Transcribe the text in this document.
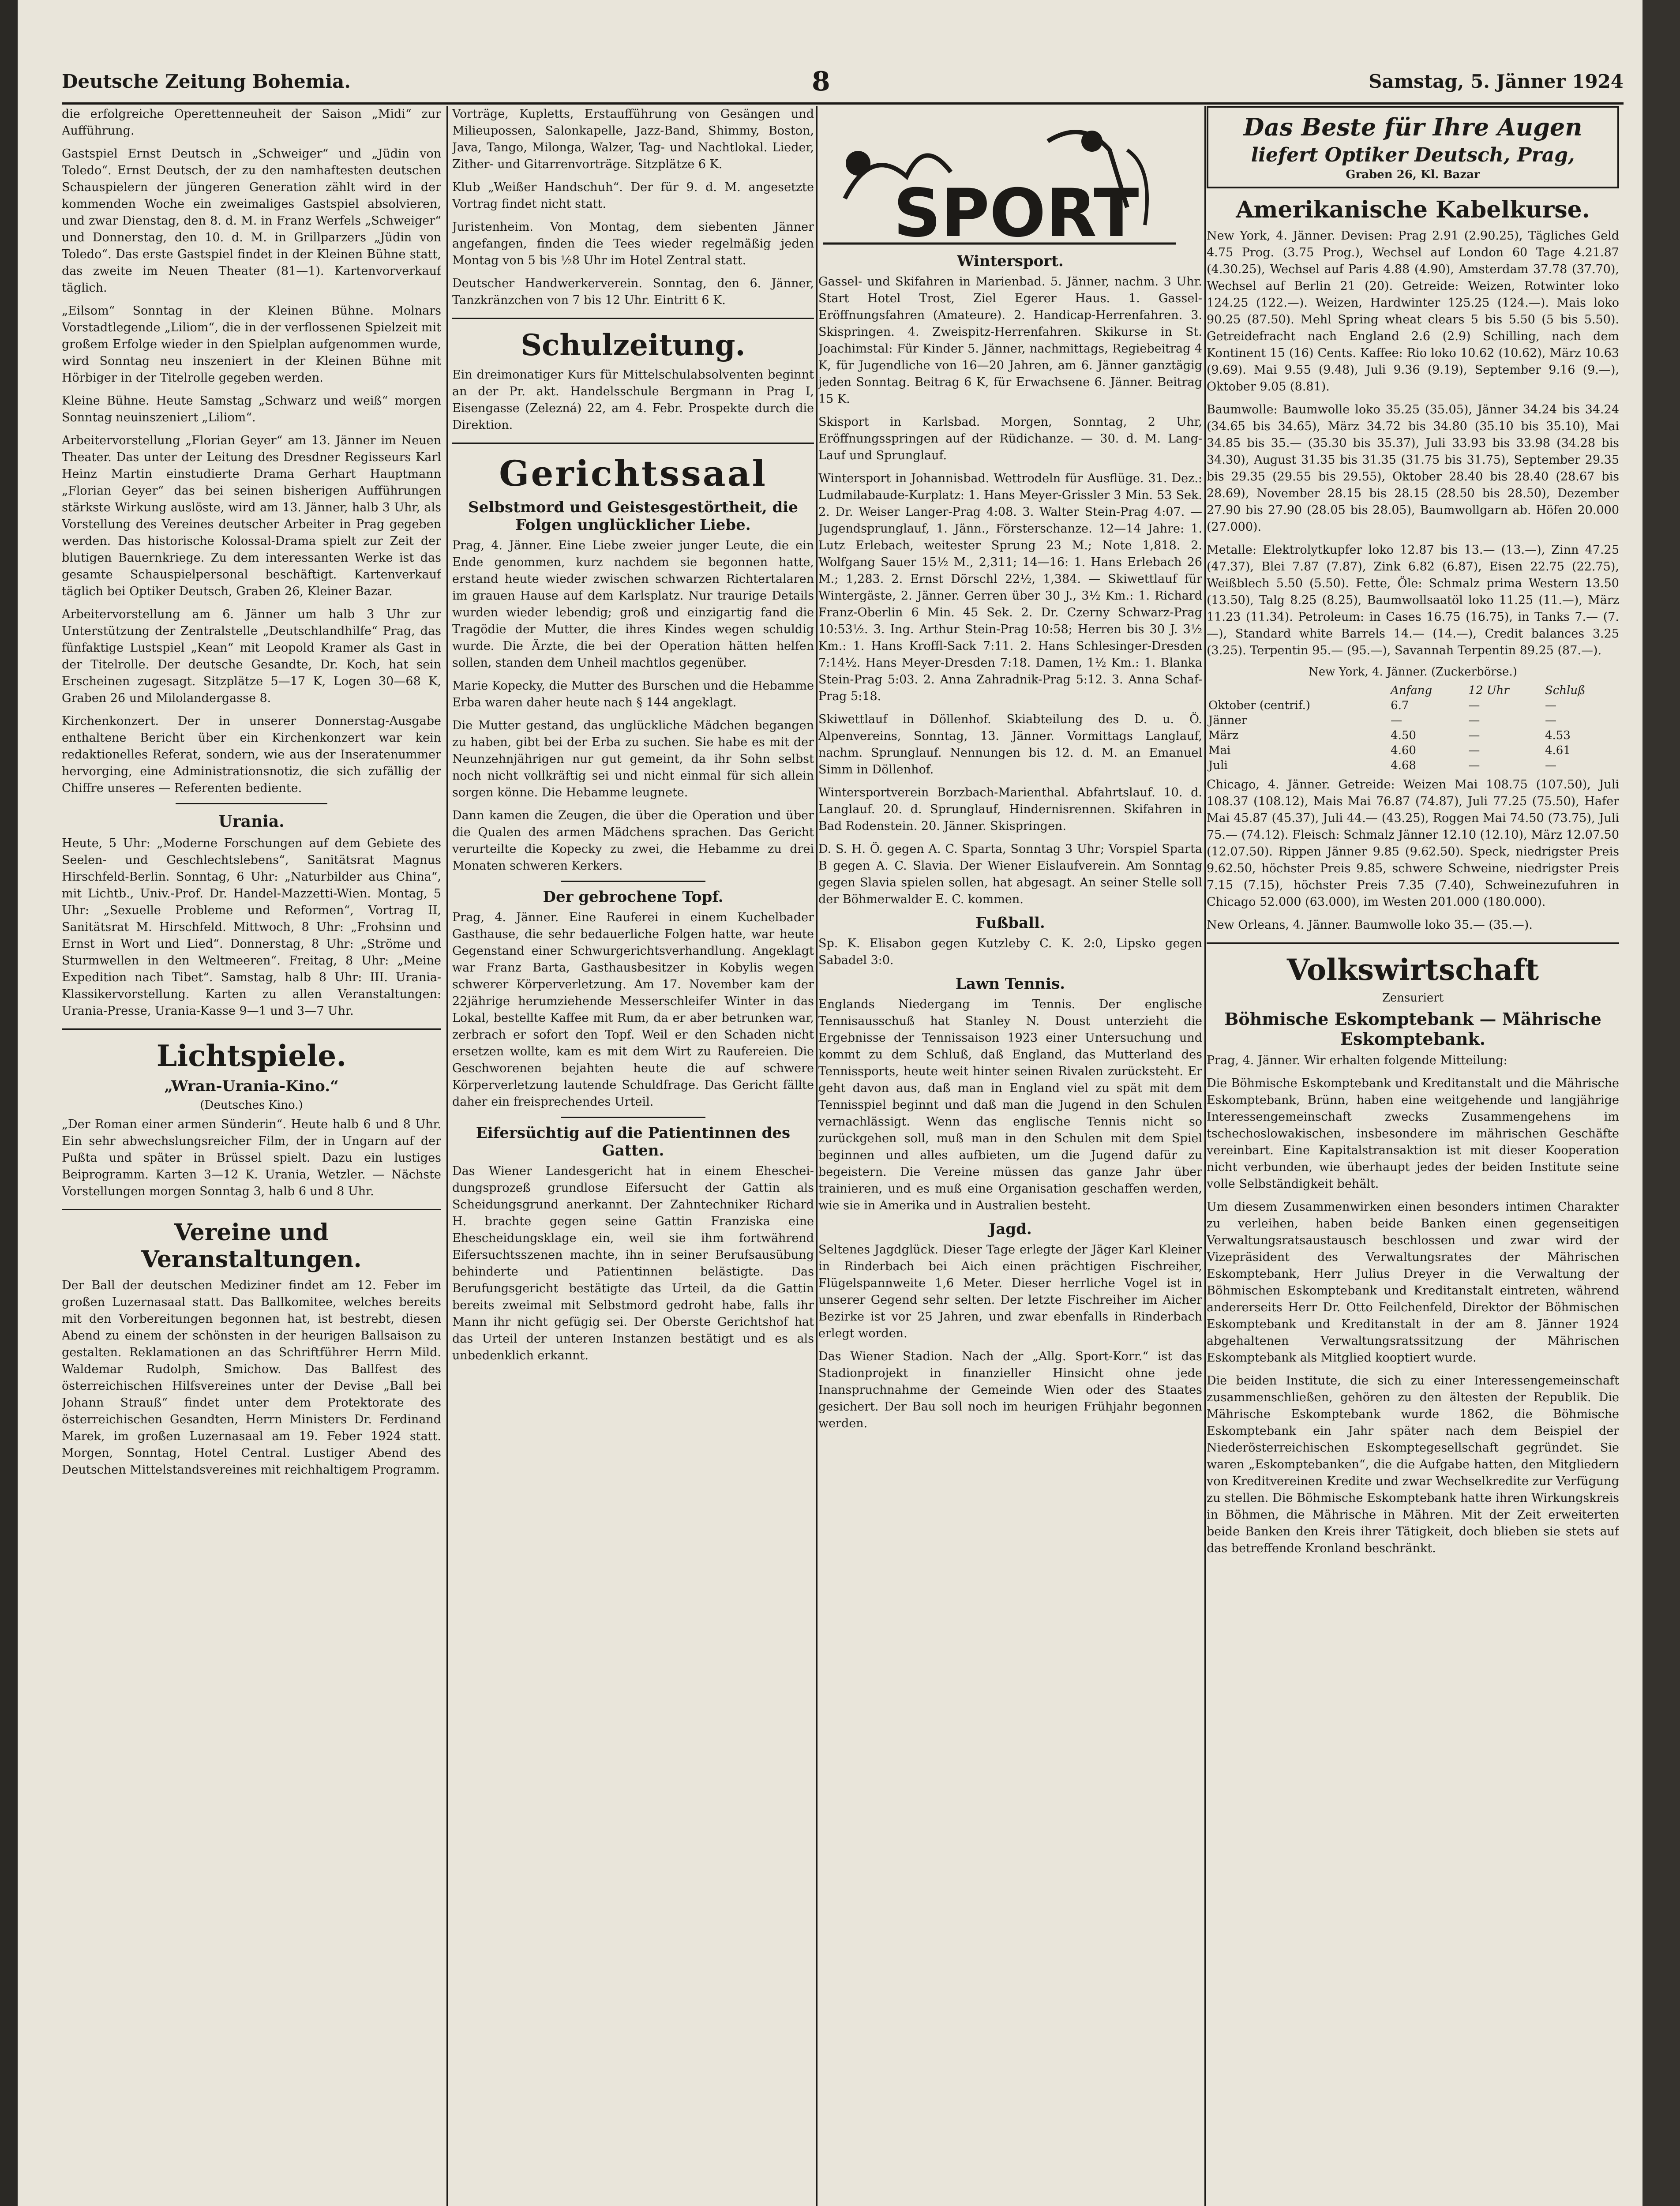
Deutsche Zeitung Bohemia.	8	Samstag, 5. Jänner 1924

die erfolgreiche Operettenneuheit der Saison „Midi“ zur Aufführung.

Gastspiel Ernst Deutsch in „Schweiger“ und „Jüdin von Toledo“. Ernst Deutsch, der zu den namhaftesten deutschen Schauspielern der jüngeren Generation zählt wird in der kommenden Woche ein zweimaliges Gastspiel absolvieren, und zwar Dienstag, den 8. d. M. in Franz Werfels „Schweiger“ und Donnerstag, den 10. d. M. in Grillparzers „Jüdin von Toledo“. Das erste Gastspiel findet in der Kleinen Bühne statt, das zweite im Neuen Theater (81—1). Kartenvorverkauf täglich.

„Eilsom“ Sonntag in der Kleinen Bühne. Molnars Vorstadtlegende „Liliom“, die in der verflossenen Spielzeit mit großem Erfolge wieder in den Spielplan aufgenommen wurde, wird Sonntag neu inszeniert in der Kleinen Bühne mit Hörbiger in der Titelrolle gegeben werden.

Kleine Bühne. Heute Samstag „Schwarz und weiß“ morgen Sonntag neuinszeniert „Liliom“.

Arbeitervorstellung „Florian Geyer“ am 13. Jänner im Neuen Theater. Das unter der Leitung des Dresdner Regisseurs Karl Heinz Martin einstudierte Drama Gerhart Hauptmann „Florian Geyer“ das bei seinen bisherigen Aufführungen stärkste Wirkung auslöste, wird am 13. Jänner, halb 3 Uhr, als Vorstellung des Vereines deutscher Arbeiter in Prag gegeben werden. Das historische Kolossal-Drama spielt zur Zeit der blutigen Bauernkriege. Zu dem interessanten Werke ist das gesamte Schauspielpersonal beschäftigt. Kartenverkauf täglich bei Optiker Deutsch, Graben 26, Kleiner Bazar.

Arbeitervorstellung am 6. Jänner um halb 3 Uhr zur Unterstützung der Zentralstelle „Deutschlandhilfe“ Prag, das fünfaktige Lustspiel „Kean“ mit Leopold Kramer als Gast in der Titelrolle. Der deutsche Gesandte, Dr. Koch, hat sein Erscheinen zugesagt. Sitzplätze 5—17 K, Logen 30—68 K, Graben 26 und Milolandergasse 8.

Kirchenkonzert. Der in unserer Donnerstag-Ausgabe enthaltene Bericht über ein Kirchenkonzert war kein redaktionelles Referat, sondern, wie aus der Inseratenummer hervorging, eine Administrationsnotiz, die sich zufällig der Chiffre unseres — Referenten bediente.

Urania.

Heute, 5 Uhr: „Moderne Forschungen auf dem Gebiete des Seelen- und Geschlechtslebens“, Sanitätsrat Magnus Hirschfeld-Berlin. Sonntag, 6 Uhr: „Naturbilder aus China“, mit Lichtb., Univ.-Prof. Dr. Handel-Mazzetti-Wien. Montag, 5 Uhr: „Sexuelle Probleme und Reformen“, Vortrag II, Sanitätsrat M. Hirschfeld. Mittwoch, 8 Uhr: „Frohsinn und Ernst in Wort und Lied“. Donnerstag, 8 Uhr: „Ströme und Sturmwellen in den Weltmeeren“. Freitag, 8 Uhr: „Meine Expedition nach Tibet“. Samstag, halb 8 Uhr: III. Urania-Klassikervorstellung. Karten zu allen Veranstaltungen: Urania-Presse, Urania-Kasse 9—1 und 3—7 Uhr.

Lichtspiele.
„Wran-Urania-Kino.“
(Deutsches Kino.)

„Der Roman einer armen Sünderin“. Heute halb 6 und 8 Uhr. Ein sehr abwechslungsreicher Film, der in Ungarn auf der Pußta und später in Brüssel spielt. Dazu ein lustiges Beiprogramm. Karten 3—12 K. Urania, Wetzler. — Nächste Vorstellungen morgen Sonntag 3, halb 6 und 8 Uhr.

Vereine und Veranstaltungen.

Der Ball der deutschen Mediziner findet am 12. Feber im großen Luzernasaal statt. Das Ballkomitee, welches bereits mit den Vorbereitungen begonnen hat, ist bestrebt, diesen Abend zu einem der schönsten in der heurigen Ballsaison zu gestalten. Reklamationen an das Schriftführer Herrn Mild. Waldemar Rudolph, Smichow. Das Ballfest des österreichischen Hilfsvereines unter der Devise „Ball bei Johann Strauß“ findet unter dem Protektorate des österreichischen Gesandten, Herrn Ministers Dr. Ferdinand Marek, im großen Luzernasaal am 19. Feber 1924 statt. Morgen, Sonntag, Hotel Central. Lustiger Abend des Deutschen Mittelstandsvereines mit reichhaltigem Programm.

Vorträge, Kupletts, Erstaufführung von Gesängen und Milieupossen, Salonkapelle, Jazz-Band, Shimmy, Boston, Java, Tango, Milonga, Walzer, Tag- und Nachtlokal. Lieder, Zither- und Gitarrenvorträge. Sitzplätze 6 K.

Klub „Weißer Handschuh“. Der für 9. d. M. angesetzte Vortrag findet nicht statt.

Juristenheim. Von Montag, dem siebenten Jänner angefangen, finden die Tees wieder regelmäßig jeden Montag von 5 bis ½8 Uhr im Hotel Zentral statt.

Deutscher Handwerkerverein. Sonntag, den 6. Jänner, Tanzkränzchen von 7 bis 12 Uhr. Eintritt 6 K.

Schulzeitung.

Ein dreimonatiger Kurs für Mittelschulabsolventen beginnt an der Pr. akt. Handelsschule Bergmann in Prag I, Eisengasse (Zelezná) 22, am 4. Febr. Prospekte durch die Direktion.

Gerichtssaal
Selbstmord und Geistesgestörtheit, die Folgen unglücklicher Liebe.

Prag, 4. Jänner. Eine Liebe zweier junger Leute, die ein Ende genommen, kurz nachdem sie begonnen hatte, erstand heute wieder zwischen schwarzen Richtertalaren im grauen Hause auf dem Karlsplatz. Nur traurige Details wurden wieder lebendig; groß und einzigartig fand die Tragödie der Mutter, die ihres Kindes wegen schuldig wurde. Die Ärzte, die bei der Operation hätten helfen sollen, standen dem Unheil machtlos gegenüber.

Marie Kopecky, die Mutter des Burschen und die Hebamme Erba waren daher heute nach § 144 angeklagt.

Die Mutter gestand, das unglückliche Mädchen begangen zu haben, gibt bei der Erba zu suchen. Sie habe es mit der Neunzehnjährigen nur gut gemeint, da ihr Sohn selbst noch nicht vollkräftig sei und nicht einmal für sich allein sorgen könne. Die Hebamme leugnete.

Dann kamen die Zeugen, die über die Operation und über die Qualen des armen Mädchens sprachen. Das Gericht verurteilte die Kopecky zu zwei, die Hebamme zu drei Monaten schweren Kerkers.

Der gebrochene Topf.

Prag, 4. Jänner. Eine Rauferei in einem Kuchelbader Gasthause, die sehr bedauerliche Folgen hatte, war heute Gegenstand einer Schwurgerichtsverhandlung. Angeklagt war Franz Barta, Gasthausbesitzer in Kobylis wegen schwerer Körperverletzung. Am 17. November kam der 22jährige herumziehende Messerschleifer Winter in das Lokal, bestellte Kaffee mit Rum, da er aber betrunken war, zerbrach er sofort den Topf. Weil er den Schaden nicht ersetzen wollte, kam es mit dem Wirt zu Raufereien. Die Geschworenen bejahten heute die auf schwere Körperverletzung lautende Schuldfrage. Das Gericht fällte daher ein freisprechendes Urteil.

Eifersüchtig auf die Patientinnen des Gatten.

Das Wiener Landesgericht hat in einem Eheschei-dungsprozeß grundlose Eifersucht der Gattin als Scheidungsgrund anerkannt. Der Zahntechniker Richard H. brachte gegen seine Gattin Franziska eine Ehescheidungsklage ein, weil sie ihm fortwährend Eifersuchtsszenen machte, ihn in seiner Berufsausübung behinderte und Patientinnen belästigte. Das Berufungsgericht bestätigte das Urteil, da die Gattin bereits zweimal mit Selbstmord gedroht habe, falls ihr Mann ihr nicht gefügig sei. Der Oberste Gerichtshof hat das Urteil der unteren Instanzen bestätigt und es als unbedenklich erkannt.

SPORT
Wintersport.

Gassel- und Skifahren in Marienbad. 5. Jänner, nachm. 3 Uhr. Start Hotel Trost, Ziel Egerer Haus. 1. Gassel-Eröffnungsfahren (Amateure). 2. Handicap-Herrenfahren. 3. Skispringen. 4. Zweispitz-Herrenfahren. Skikurse in St. Joachimstal: Für Kinder 5. Jänner, nachmittags, Regiebeitrag 4 K, für Jugendliche von 16—20 Jahren, am 6. Jänner ganztägig jeden Sonntag. Beitrag 6 K, für Erwachsene 6. Jänner. Beitrag 15 K.

Skisport in Karlsbad. Morgen, Sonntag, 2 Uhr, Eröffnungsspringen auf der Rüdichanze. — 30. d. M. Lang-Lauf und Sprunglauf.

Wintersport in Johannisbad. Wettrodeln für Ausflüge. 31. Dez.: Ludmilabaude-Kurplatz: 1. Hans Meyer-Grissler 3 Min. 53 Sek. 2. Dr. Weiser Langer-Prag 4:08. 3. Walter Stein-Prag 4:07. — Jugendsprunglauf, 1. Jänn., Försterschanze. 12—14 Jahre: 1. Lutz Erlebach, weitester Sprung 23 M.; Note 1,818. 2. Wolfgang Sauer 15½ M., 2,311; 14—16: 1. Hans Erlebach 26 M.; 1,283. 2. Ernst Dörschl 22½, 1,384. — Skiwettlauf für Wintergäste, 2. Jänner. Gerren über 30 J., 3½ Km.: 1. Richard Franz-Oberlin 6 Min. 45 Sek. 2. Dr. Czerny Schwarz-Prag 10:53½. 3. Ing. Arthur Stein-Prag 10:58; Herren bis 30 J. 3½ Km.: 1. Hans Kroffl-Sack 7:11. 2. Hans Schlesinger-Dresden 7:14½. Hans Meyer-Dresden 7:18. Damen, 1½ Km.: 1. Blanka Stein-Prag 5:03. 2. Anna Zahradnik-Prag 5:12. 3. Anna Schaf-Prag 5:18.

Skiwettlauf in Döllenhof. Skiabteilung des D. u. Ö. Alpenvereins, Sonntag, 13. Jänner. Vormittags Langlauf, nachm. Sprunglauf. Nennungen bis 12. d. M. an Emanuel Simm in Döllenhof.

Wintersportverein Borzbach-Marienthal. Abfahrtslauf. 10. d. Langlauf. 20. d. Sprunglauf, Hindernisrennen. Skifahren in Bad Rodenstein. 20. Jänner. Skispringen.

D. S. H. Ö. gegen A. C. Sparta, Sonntag 3 Uhr; Vorspiel Sparta B gegen A. C. Slavia. Der Wiener Eislaufverein. Am Sonntag gegen Slavia spielen sollen, hat abgesagt. An seiner Stelle soll der Böhmerwalder E. C. kommen.

Fußball.

Sp. K. Elisabon gegen Kutzleby C. K. 2:0, Lipsko gegen Sabadel 3:0.

Lawn Tennis.

Englands Niedergang im Tennis. Der englische Tennisausschuß hat Stanley N. Doust unterzieht die Ergebnisse der Tennissaison 1923 einer Untersuchung und kommt zu dem Schluß, daß England, das Mutterland des Tennissports, heute weit hinter seinen Rivalen zurücksteht. Er geht davon aus, daß man in England viel zu spät mit dem Tennisspiel beginnt und daß man die Jugend in den Schulen vernachlässigt. Wenn das englische Tennis nicht so zurückgehen soll, muß man in den Schulen mit dem Spiel beginnen und alles aufbieten, um die Jugend dafür zu begeistern. Die Vereine müssen das ganze Jahr über trainieren, und es muß eine Organisation geschaffen werden, wie sie in Amerika und in Australien besteht.

Jagd.

Seltenes Jagdglück. Dieser Tage erlegte der Jäger Karl Kleiner in Rinderbach bei Aich einen prächtigen Fischreiher, Flügelspannweite 1,6 Meter. Dieser herrliche Vogel ist in unserer Gegend sehr selten. Der letzte Fischreiher im Aicher Bezirke ist vor 25 Jahren, und zwar ebenfalls in Rinderbach erlegt worden.

Das Wiener Stadion. Nach der „Allg. Sport-Korr.“ ist das Stadionprojekt in finanzieller Hinsicht ohne jede Inanspruchnahme der Gemeinde Wien oder des Staates gesichert. Der Bau soll noch im heurigen Frühjahr begonnen werden.

Das Beste für Ihre Augen
liefert Optiker Deutsch, Prag,
Graben 26, Kl. Bazar
Amerikanische Kabelkurse.

New York, 4. Jänner. Devisen: Prag 2.91 (2.90.25), Tägliches Geld 4.75 Prog. (3.75 Prog.), Wechsel auf London 60 Tage 4.21.87 (4.30.25), Wechsel auf Paris 4.88 (4.90), Amsterdam 37.78 (37.70), Wechsel auf Berlin 21 (20). Getreide: Weizen, Rotwinter loko 124.25 (122.—). Weizen, Hardwinter 125.25 (124.—). Mais loko 90.25 (87.50). Mehl Spring wheat clears 5 bis 5.50 (5 bis 5.50). Getreidefracht nach England 2.6 (2.9) Schilling, nach dem Kontinent 15 (16) Cents. Kaffee: Rio loko 10.62 (10.62), März 10.63 (9.69). Mai 9.55 (9.48), Juli 9.36 (9.19), September 9.16 (9.—), Oktober 9.05 (8.81).

Baumwolle: Baumwolle loko 35.25 (35.05), Jänner 34.24 bis 34.24 (34.65 bis 34.65), März 34.72 bis 34.80 (35.10 bis 35.10), Mai 34.85 bis 35.— (35.30 bis 35.37), Juli 33.93 bis 33.98 (34.28 bis 34.30), August 31.35 bis 31.35 (31.75 bis 31.75), September 29.35 bis 29.35 (29.55 bis 29.55), Oktober 28.40 bis 28.40 (28.67 bis 28.69), November 28.15 bis 28.15 (28.50 bis 28.50), Dezember 27.90 bis 27.90 (28.05 bis 28.05), Baumwollgarn ab. Höfen 20.000 (27.000).

Metalle: Elektrolytkupfer loko 12.87 bis 13.— (13.—), Zinn 47.25 (47.37), Blei 7.87 (7.87), Zink 6.82 (6.87), Eisen 22.75 (22.75), Weißblech 5.50 (5.50). Fette, Öle: Schmalz prima Western 13.50 (13.50), Talg 8.25 (8.25), Baumwollsaatöl loko 11.25 (11.—), März 11.23 (11.34). Petroleum: in Cases 16.75 (16.75), in Tanks 7.— (7.—), Standard white Barrels 14.— (14.—), Credit balances 3.25 (3.25). Terpentin 95.— (95.—), Savannah Terpentin 89.25 (87.—).

New York, 4. Jänner. (Zuckerbörse.)
	Anfang	12 Uhr	Schluß
Oktober (centrif.)	6.7	—	—
Jänner	—	—	—
März	4.50	—	4.53
Mai	4.60	—	4.61
Juli	4.68	—	—

Chicago, 4. Jänner. Getreide: Weizen Mai 108.75 (107.50), Juli 108.37 (108.12), Mais Mai 76.87 (74.87), Juli 77.25 (75.50), Hafer Mai 45.87 (45.37), Juli 44.— (43.25), Roggen Mai 74.50 (73.75), Juli 75.— (74.12). Fleisch: Schmalz Jänner 12.10 (12.10), März 12.07.50 (12.07.50). Rippen Jänner 9.85 (9.62.50). Speck, niedrigster Preis 9.62.50, höchster Preis 9.85, schwere Schweine, niedrigster Preis 7.15 (7.15), höchster Preis 7.35 (7.40), Schweinezufuhren in Chicago 52.000 (63.000), im Westen 201.000 (180.000).

New Orleans, 4. Jänner. Baumwolle loko 35.— (35.—).

Volkswirtschaft
Zensuriert
Böhmische Eskomptebank — Mährische Eskomptebank.

Prag, 4. Jänner. Wir erhalten folgende Mitteilung:

Die Böhmische Eskomptebank und Kreditanstalt und die Mährische Eskomptebank, Brünn, haben eine weitgehende und langjährige Interessengemeinschaft zwecks Zusammengehens im tschechoslowakischen, insbesondere im mährischen Geschäfte vereinbart. Eine Kapitalstransaktion ist mit dieser Kooperation nicht verbunden, wie überhaupt jedes der beiden Institute seine volle Selbständigkeit behält.

Um diesem Zusammenwirken einen besonders intimen Charakter zu verleihen, haben beide Banken einen gegenseitigen Verwaltungsratsaustausch beschlossen und zwar wird der Vizepräsident des Verwaltungsrates der Mährischen Eskomptebank, Herr Julius Dreyer in die Verwaltung der Böhmischen Eskomptebank und Kreditanstalt eintreten, während andererseits Herr Dr. Otto Feilchenfeld, Direktor der Böhmischen Eskomptebank und Kreditanstalt in der am 8. Jänner 1924 abgehaltenen Verwaltungsratssitzung der Mährischen Eskomptebank als Mitglied kooptiert wurde.

Die beiden Institute, die sich zu einer Interessengemeinschaft zusammenschließen, gehören zu den ältesten der Republik. Die Mährische Eskomptebank wurde 1862, die Böhmische Eskomptebank ein Jahr später nach dem Beispiel der Niederösterreichischen Eskomptegesellschaft gegründet. Sie waren „Eskomptebanken“, die die Aufgabe hatten, den Mitgliedern von Kreditvereinen Kredite und zwar Wechselkredite zur Verfügung zu stellen. Die Böhmische Eskomptebank hatte ihren Wirkungskreis in Böhmen, die Mährische in Mähren. Mit der Zeit erweiterten beide Banken den Kreis ihrer Tätigkeit, doch blieben sie stets auf das betreffende Kronland beschränkt.
